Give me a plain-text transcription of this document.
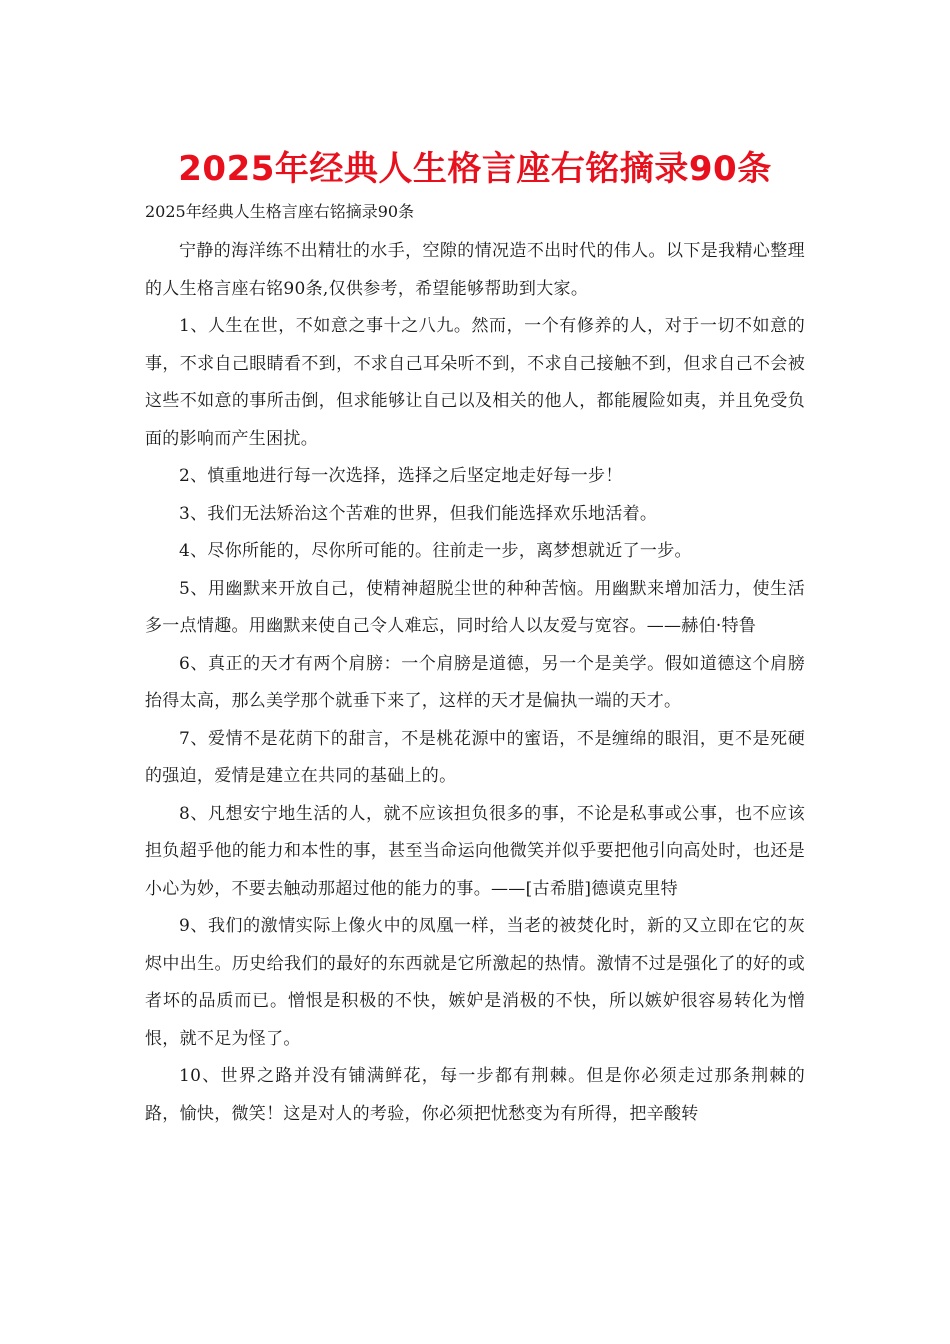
2025年经典人生格言座右铭摘录90条
2025年经典人生格言座右铭摘录90条

宁静的海洋练不出精壮的水手，空隙的情况造不出时代的伟人。以下是我精心整理的人生格言座右铭90条,仅供参考，希望能够帮助到大家。

1、人生在世，不如意之事十之八九。然而，一个有修养的人，对于一切不如意的事，不求自己眼睛看不到，不求自己耳朵听不到，不求自己接触不到，但求自己不会被这些不如意的事所击倒，但求能够让自己以及相关的他人，都能履险如夷，并且免受负面的影响而产生困扰。

2、慎重地进行每一次选择，选择之后坚定地走好每一步！

3、我们无法矫治这个苦难的世界，但我们能选择欢乐地活着。

4、尽你所能的，尽你所可能的。往前走一步，离梦想就近了一步。

5、用幽默来开放自己，使精神超脱尘世的种种苦恼。用幽默来增加活力，使生活多一点情趣。用幽默来使自己令人难忘，同时给人以友爱与宽容。——赫伯·特鲁

6、真正的天才有两个肩膀：一个肩膀是道德，另一个是美学。假如道德这个肩膀抬得太高，那么美学那个就垂下来了，这样的天才是偏执一端的天才。

7、爱情不是花荫下的甜言，不是桃花源中的蜜语，不是缠绵的眼泪，更不是死硬的强迫，爱情是建立在共同的基础上的。

8、凡想安宁地生活的人，就不应该担负很多的事，不论是私事或公事，也不应该担负超乎他的能力和本性的事，甚至当命运向他微笑并似乎要把他引向高处时，也还是小心为妙，不要去触动那超过他的能力的事。——[古希腊]德谟克里特

9、我们的激情实际上像火中的凤凰一样，当老的被焚化时，新的又立即在它的灰烬中出生。历史给我们的最好的东西就是它所激起的热情。激情不过是强化了的好的或者坏的品质而已。憎恨是积极的不快，嫉妒是消极的不快，所以嫉妒很容易转化为憎恨，就不足为怪了。

10、世界之路并没有铺满鲜花，每一步都有荆棘。但是你必须走过那条荆棘的路，愉快，微笑！这是对人的考验，你必须把忧愁变为有所得，把辛酸转
